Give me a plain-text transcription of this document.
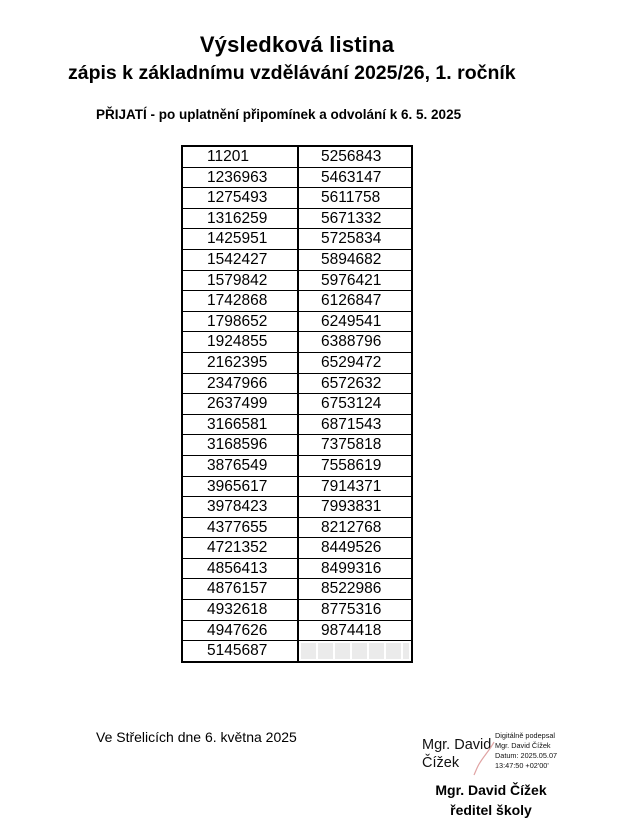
Výsledková listina
zápis k základnímu vzdělávání 2025/26, 1. ročník
PŘIJATÍ - po uplatnění připomínek a odvolání k 6. 5. 2025
11201	5256843
1236963	5463147
1275493	5611758
1316259	5671332
1425951	5725834
1542427	5894682
1579842	5976421
1742868	6126847
1798652	6249541
1924855	6388796
2162395	6529472
2347966	6572632
2637499	6753124
3166581	6871543
3168596	7375818
3876549	7558619
3965617	7914371
3978423	7993831
4377655	8212768
4721352	8449526
4856413	8499316
4876157	8522986
4932618	8775316
4947626	9874418
5145687	
Ve Střelicích dne 6. května 2025	Mgr. David Čížek
Digitálně podepsal
Mgr. David Čížek
Datum: 2025.05.07
13:47:50 +02'00'
Mgr. David Čížek
ředitel školy
